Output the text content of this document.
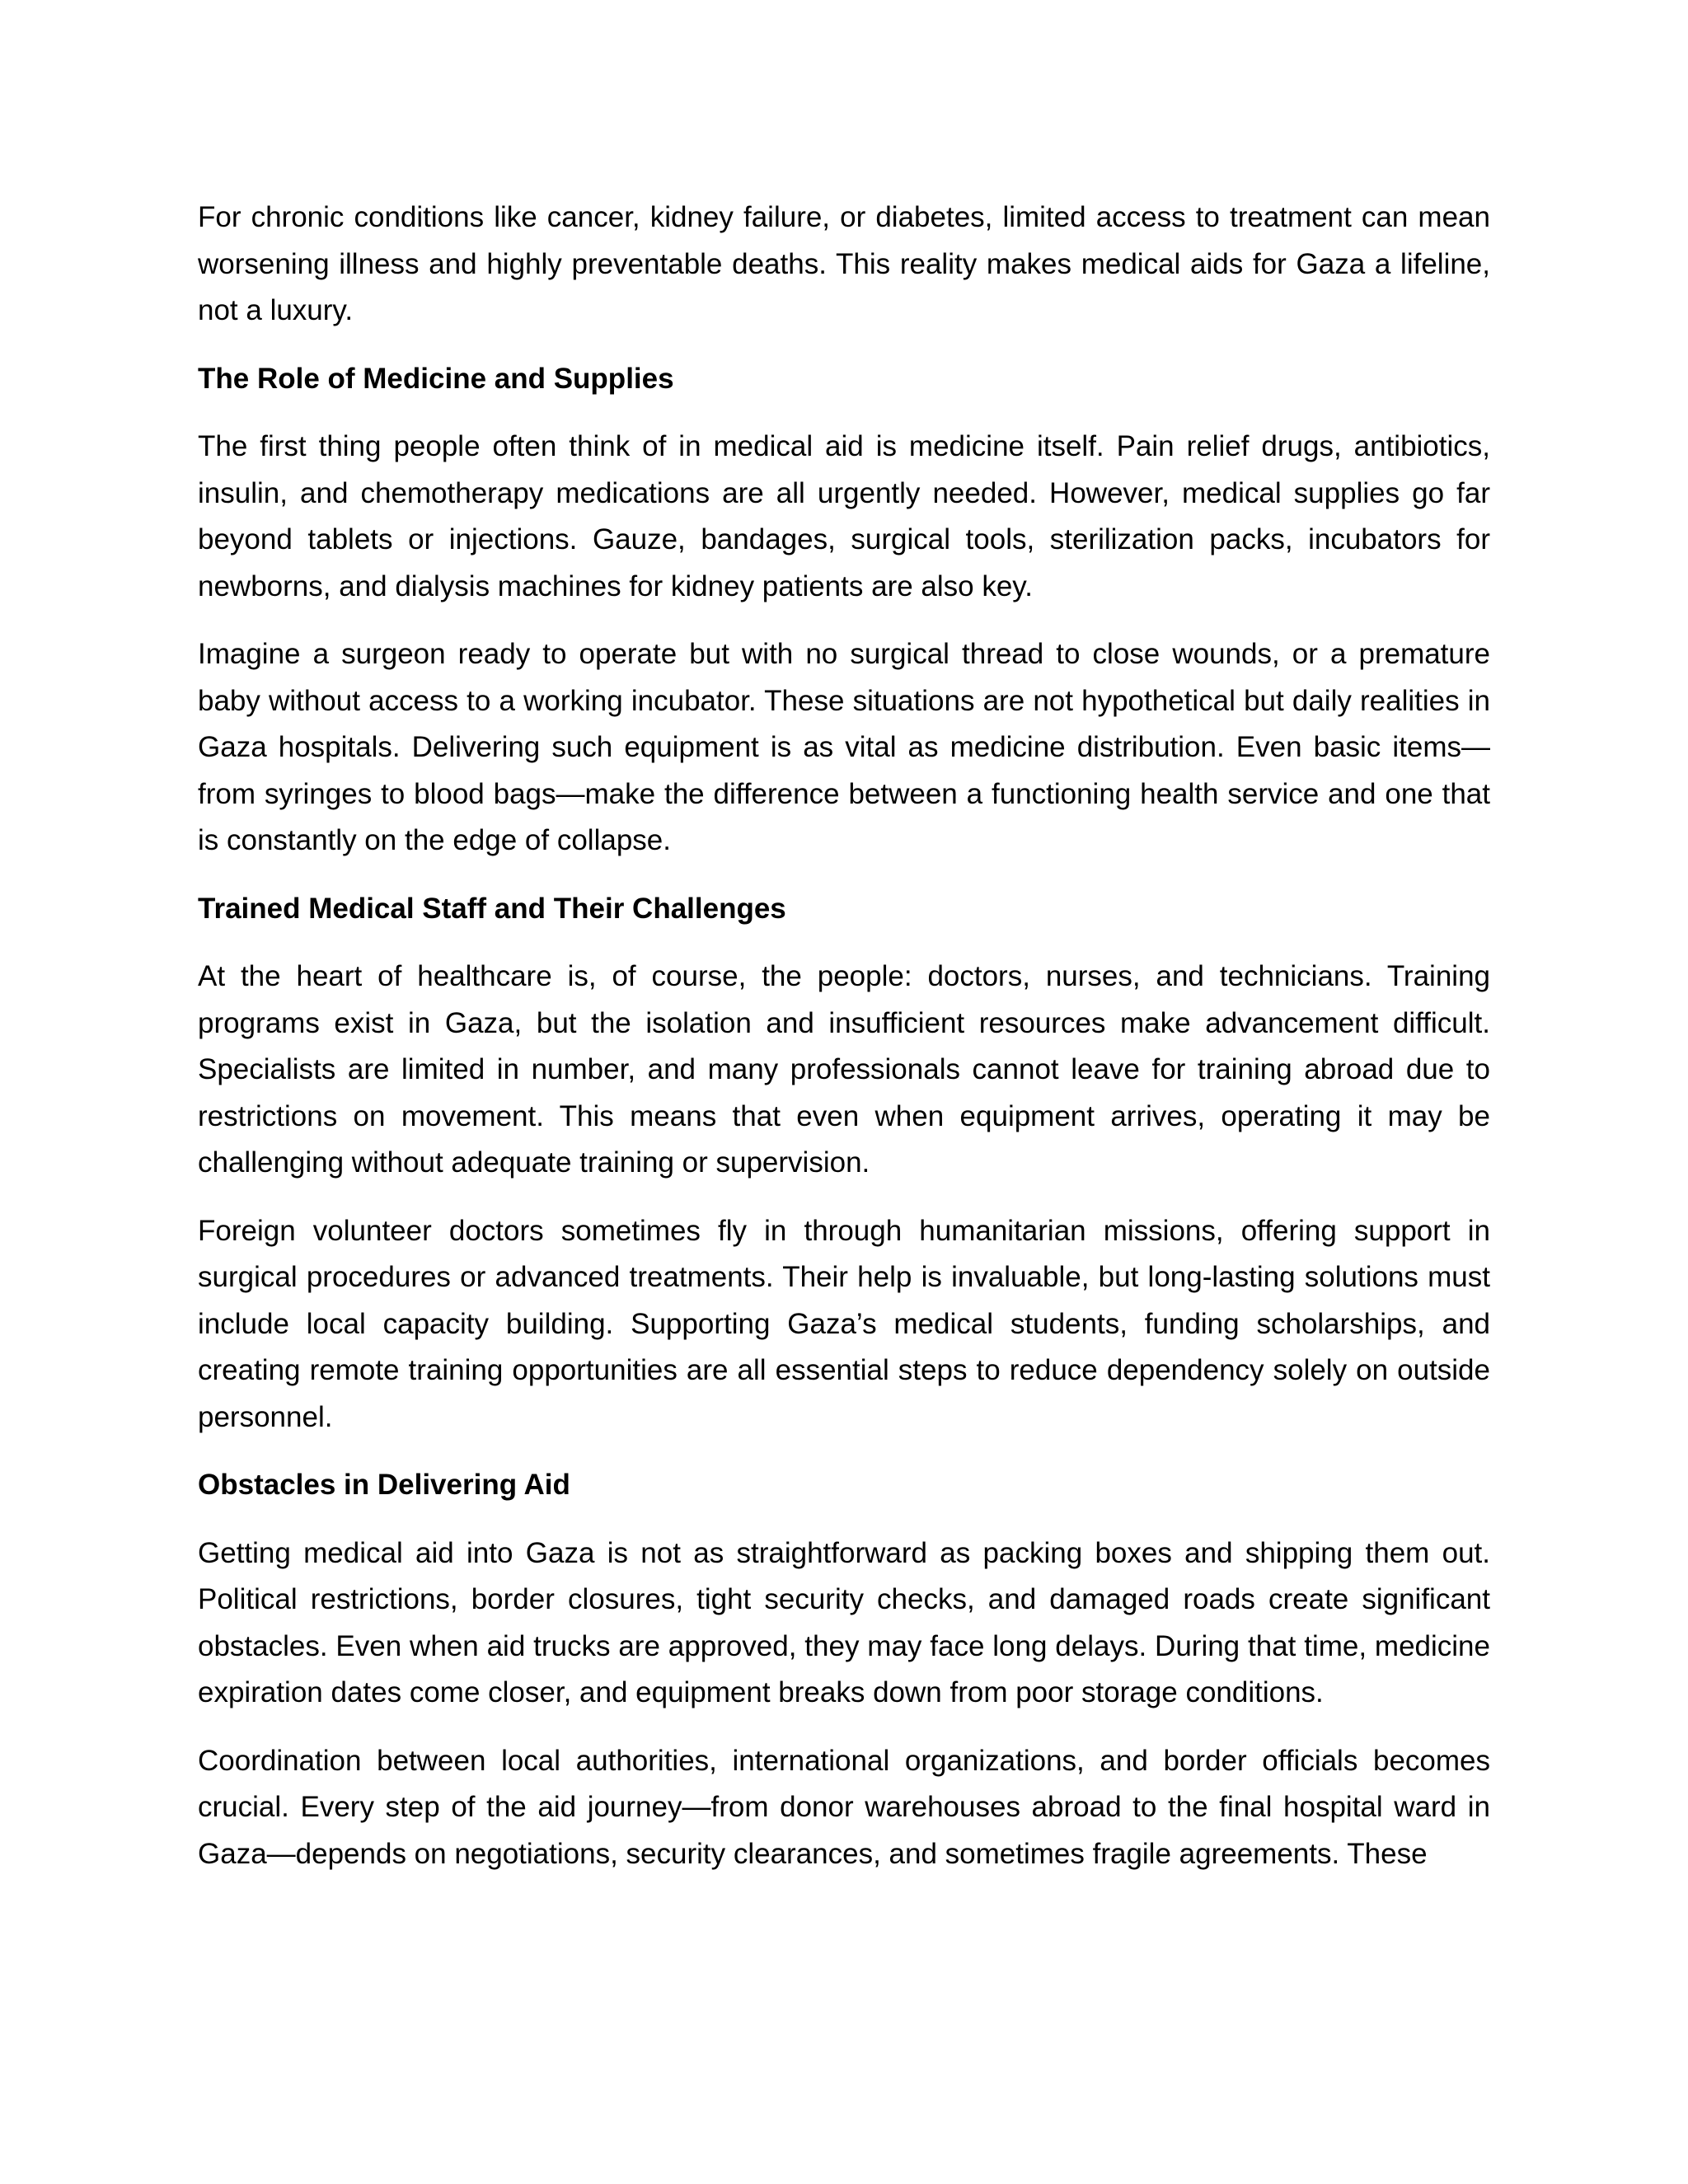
For chronic conditions like cancer, kidney failure, or diabetes, limited access to treatment can mean worsening illness and highly preventable deaths. This reality makes medical aids for Gaza a lifeline, not a luxury.

The Role of Medicine and Supplies

The first thing people often think of in medical aid is medicine itself. Pain relief drugs, antibiotics, insulin, and chemotherapy medications are all urgently needed. However, medical supplies go far beyond tablets or injections. Gauze, bandages, surgical tools, sterilization packs, incubators for newborns, and dialysis machines for kidney patients are also key.

Imagine a surgeon ready to operate but with no surgical thread to close wounds, or a premature baby without access to a working incubator. These situations are not hypothetical but daily realities in Gaza hospitals. Delivering such equipment is as vital as medicine distribution. Even basic items—from syringes to blood bags—make the difference between a functioning health service and one that is constantly on the edge of collapse.

Trained Medical Staff and Their Challenges

At the heart of healthcare is, of course, the people: doctors, nurses, and technicians. Training programs exist in Gaza, but the isolation and insufficient resources make advancement difficult. Specialists are limited in number, and many professionals cannot leave for training abroad due to restrictions on movement. This means that even when equipment arrives, operating it may be challenging without adequate training or supervision.

Foreign volunteer doctors sometimes fly in through humanitarian missions, offering support in surgical procedures or advanced treatments. Their help is invaluable, but long-lasting solutions must include local capacity building. Supporting Gaza’s medical students, funding scholarships, and creating remote training opportunities are all essential steps to reduce dependency solely on outside personnel.

Obstacles in Delivering Aid

Getting medical aid into Gaza is not as straightforward as packing boxes and shipping them out. Political restrictions, border closures, tight security checks, and damaged roads create significant obstacles. Even when aid trucks are approved, they may face long delays. During that time, medicine expiration dates come closer, and equipment breaks down from poor storage conditions.

Coordination between local authorities, international organizations, and border officials becomes crucial. Every step of the aid journey—from donor warehouses abroad to the final hospital ward in Gaza—depends on negotiations, security clearances, and sometimes fragile agreements. These
